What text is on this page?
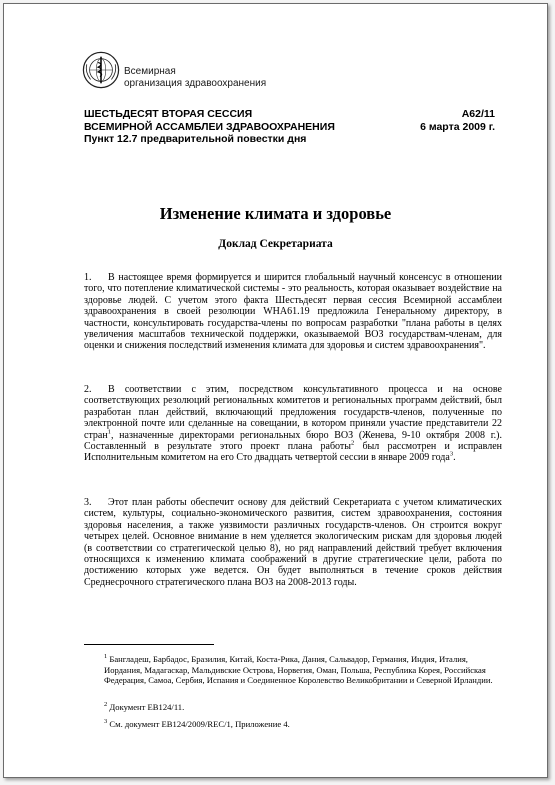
Всемирная
организация здравоохранения
ШЕСТЬДЕСЯТ ВТОРАЯ СЕССИЯ
ВСЕМИРНОЙ АССАМБЛЕИ ЗДРАВООХРАНЕНИЯ
Пункт 12.7 предварительной повестки дня
A62/11
6 марта 2009 г.
Изменение климата и здоровье
Доклад Секретариата

1. В настоящее время формируется и ширится глобальный научный консенсус в отношении того, что потепление климатической системы - это реальность, которая оказывает воздействие на здоровье людей. С учетом этого факта Шестьдесят первая сессия Всемирной ассамблеи здравоохранения в своей резолюции WHA61.19 предложила Генеральному директору, в частности, консультировать государства-члены по вопросам разработки "плана работы в целях увеличения масштабов технической поддержки, оказываемой ВОЗ государствам-членам, для оценки и снижения последствий изменения климата для здоровья и систем здравоохранения".

2. В соответствии с этим, посредством консультативного процесса и на основе соответствующих резолюций региональных комитетов и региональных программ действий, был разработан план действий, включающий предложения государств-членов, полученные по электронной почте или сделанные на совещании, в котором приняли участие представители 22 стран$^1$, назначенные директорами региональных бюро ВОЗ (Женева, 9-10 октября 2008 г.). Составленный в результате этого проект плана работы$^2$ был рассмотрен и исправлен Исполнительным комитетом на его Сто двадцать четвертой сессии в январе 2009 года$^3$.

3. Этот план работы обеспечит основу для действий Секретариата с учетом климатических систем, культуры, социально-экономического развития, систем здравоохранения, состояния здоровья населения, а также уязвимости различных государств-членов. Он строится вокруг четырех целей. Основное внимание в нем уделяется экологическим рискам для здоровья людей (в соответствии со стратегической целью 8), но ряд направлений действий требует включения относящихся к изменению климата соображений в другие стратегические цели, работа по достижению которых уже ведется. Он будет выполняться в течение сроков действия Среднесрочного стратегического плана ВОЗ на 2008-2013 годы.

$^1$ Бангладеш, Барбадос, Бразилия, Китай, Коста-Рика, Дания, Сальвадор, Германия, Индия, Италия, Иордания, Мадагаскар, Мальдивские Острова, Норвегия, Оман, Польша, Республика Корея, Российская Федерация, Самоа, Сербия, Испания и Соединенное Королевство Великобритании и Северной Ирландии.

$^2$ Документ EB124/11.

$^3$ См. документ EB124/2009/REC/1, Приложение 4.
